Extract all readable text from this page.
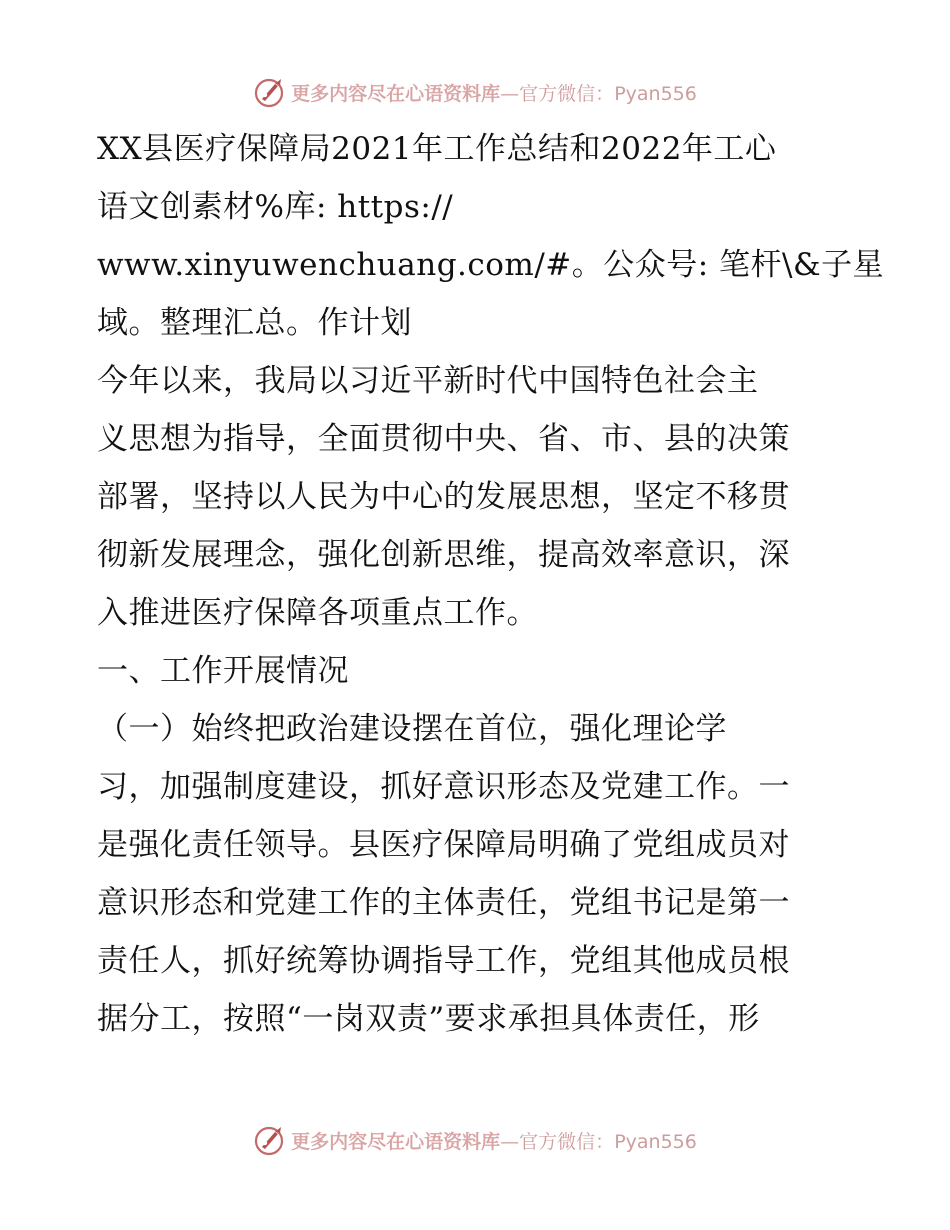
更多内容尽在心语资料库—官方微信：Pyan556

XX县医疗保障局2021年工作总结和2022年工心
语文创素材%库: https://
www.xinyuwenchuang.com/#。公众号: 笔杆\&子星
域。整理汇总。作计划

今年以来，我局以习近平新时代中国特色社会主
义思想为指导，全面贯彻中央、省、市、县的决策
部署，坚持以人民为中心的发展思想，坚定不移贯
彻新发展理念，强化创新思维，提高效率意识，深
入推进医疗保障各项重点工作。

一、工作开展情况

（一）始终把政治建设摆在首位，强化理论学
习，加强制度建设，抓好意识形态及党建工作。一
是强化责任领导。县医疗保障局明确了党组成员对
意识形态和党建工作的主体责任，党组书记是第一
责任人，抓好统筹协调指导工作，党组其他成员根
据分工，按照“一岗双责”要求承担具体责任，形

更多内容尽在心语资料库—官方微信：Pyan556
